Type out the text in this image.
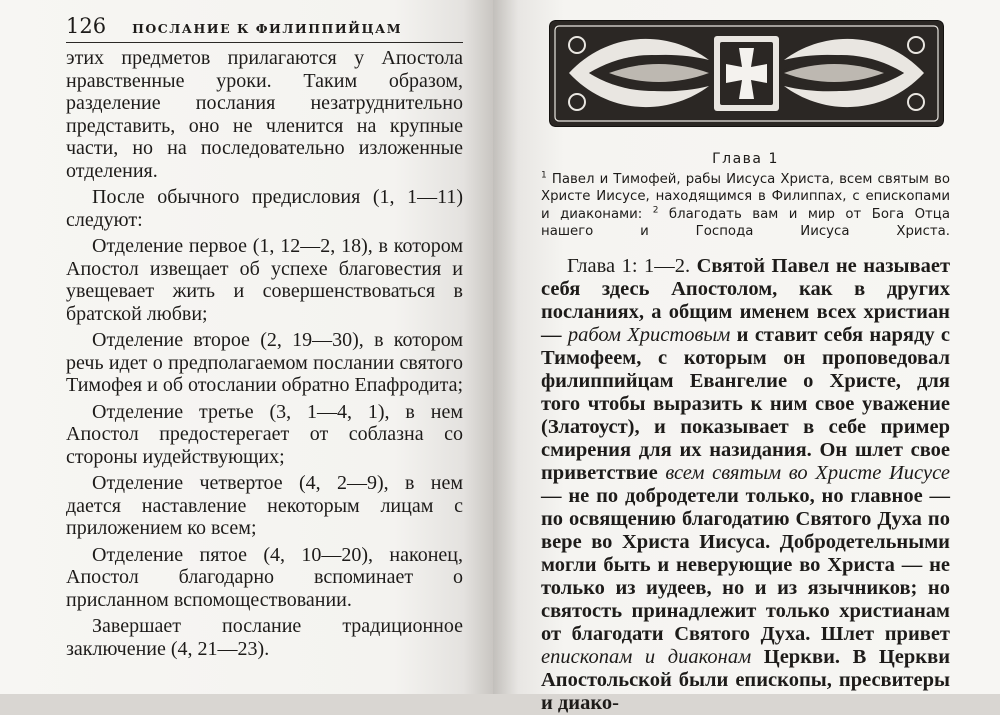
126 ПОСЛАНИЕ К ФИЛИППИЙЦАМ

этих предметов прилагаются у Апостола нравственные уроки. Таким образом, разделение послания незатруднительно представить, оно не членится на крупные части, но на последовательно изложенные отделения.

После обычного предисловия (1, 1—11) следуют:

Отделение первое (1, 12—2, 18), в котором Апостол извещает об успехе благовестия и увещевает жить и совершенствоваться в братской любви;

Отделение второе (2, 19—30), в котором речь идет о предполагаемом послании святого Тимофея и об отослании обратно Епафродита;

Отделение третье (3, 1—4, 1), в нем Апостол предостерегает от соблазна со стороны иудействующих;

Отделение четвертое (4, 2—9), в нем дается наставление некоторым лицам с приложением ко всем;

Отделение пятое (4, 10—20), наконец, Апостол благодарно вспоминает о присланном вспомоществовании.

Завершает послание традиционное заключение (4, 21—23).

Глава 1

$^1$ Павел и Тимофей, рабы Иисуса Христа, всем святым во Христе Иисусе, находящимся в Филиппах, с епископами и диаконами: $^2$ благодать вам и мир от Бога Отца нашего и Господа Иисуса Христа.

Глава 1: 1—2. Святой Павел не называет себя здесь Апостолом, как в других посланиях, а общим именем всех христиан — рабом Христовым и ставит себя наряду с Тимофеем, с которым он проповедовал филиппийцам Евангелие о Христе, для того чтобы выразить к ним свое уважение (Златоуст), и показывает в себе пример смирения для их назидания. Он шлет свое приветствие всем святым во Христе Иисусе — не по добродетели только, но главное — по освящению благодатию Святого Духа по вере во Христа Иисуса. Добродетельными могли быть и неверующие во Христа — не только из иудеев, но и из язычников; но святость принадлежит только христианам от благодати Святого Духа. Шлет привет епископам и диаконам Церкви. В Церкви Апостольской были епископы, пресвитеры и диако-
